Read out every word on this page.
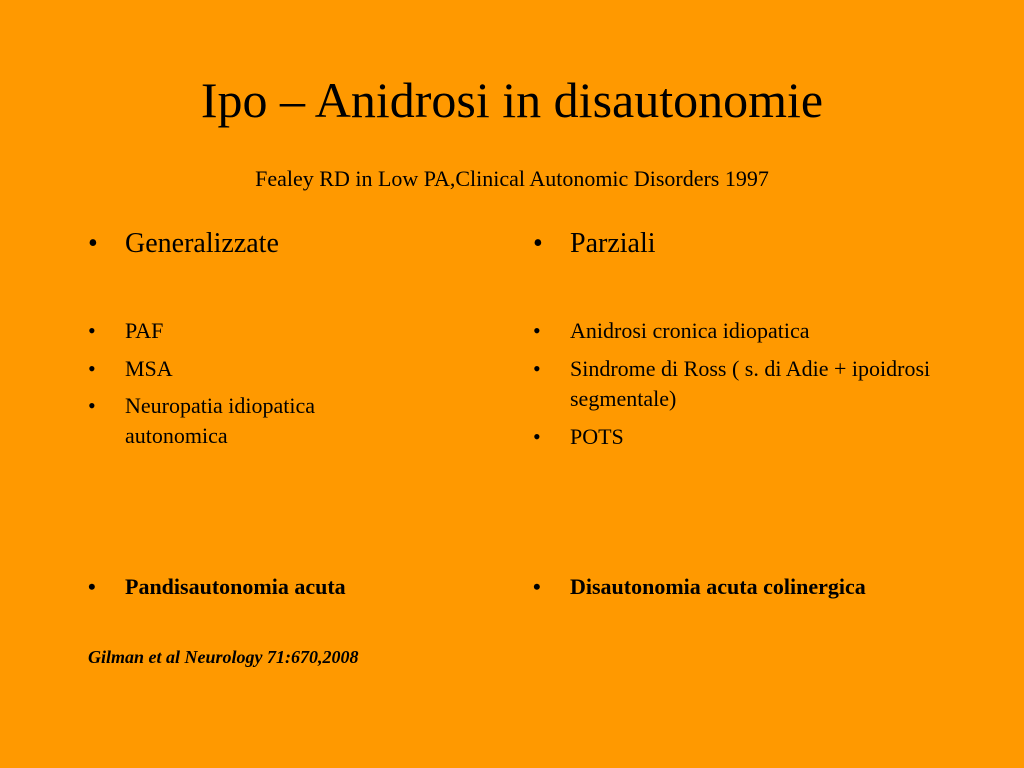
Ipo – Anidrosi in disautonomie
Fealey RD in Low PA,Clinical Autonomic Disorders 1997
• Generalizzate
•	PAF
•	MSA
•	Neuropatia idiopatica autonomica
•	Pandisautonomia acuta
• Parziali
•	Anidrosi cronica idiopatica
•	Sindrome di Ross ( s. di Adie + ipoidrosi segmentale)
•	POTS
•	Disautonomia acuta colinergica
Gilman et al Neurology 71:670,2008
